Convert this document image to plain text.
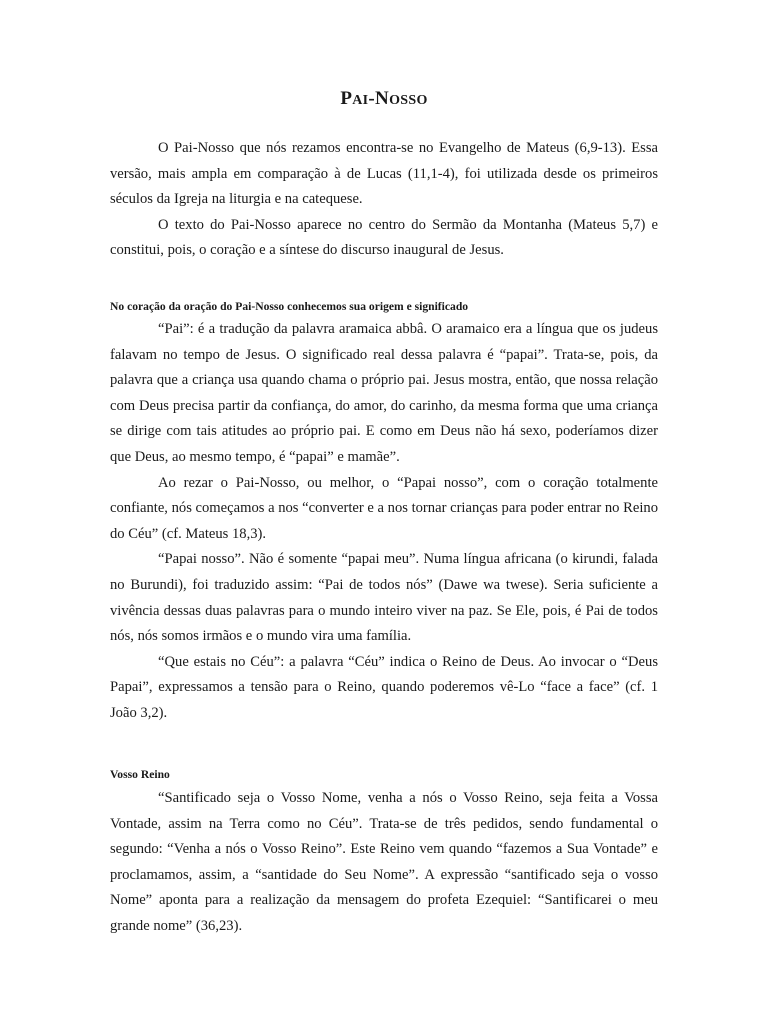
PAI-NOSSO

O Pai-Nosso que nós rezamos encontra-se no Evangelho de Mateus (6,9-13). Essa versão, mais ampla em comparação à de Lucas (11,1-4), foi utilizada desde os primeiros séculos da Igreja na liturgia e na catequese.

O texto do Pai-Nosso aparece no centro do Sermão da Montanha (Mateus 5,7) e constitui, pois, o coração e a síntese do discurso inaugural de Jesus.

No coração da oração do Pai-Nosso conhecemos sua origem e significado

“Pai”: é a tradução da palavra aramaica abbâ. O aramaico era a língua que os judeus falavam no tempo de Jesus. O significado real dessa palavra é “papai”. Trata-se, pois, da palavra que a criança usa quando chama o próprio pai. Jesus mostra, então, que nossa relação com Deus precisa partir da confiança, do amor, do carinho, da mesma forma que uma criança se dirige com tais atitudes ao próprio pai. E como em Deus não há sexo, poderíamos dizer que Deus, ao mesmo tempo, é “papai” e mamãe”.

Ao rezar o Pai-Nosso, ou melhor, o “Papai nosso”, com o coração totalmente confiante, nós começamos a nos “converter e a nos tornar crianças para poder entrar no Reino do Céu” (cf. Mateus 18,3).

“Papai nosso”. Não é somente “papai meu”. Numa língua africana (o kirundi, falada no Burundi), foi traduzido assim: “Pai de todos nós” (Dawe wa twese). Seria suficiente a vivência dessas duas palavras para o mundo inteiro viver na paz. Se Ele, pois, é Pai de todos nós, nós somos irmãos e o mundo vira uma família.

“Que estais no Céu”: a palavra “Céu” indica o Reino de Deus. Ao invocar o “Deus Papai”, expressamos a tensão para o Reino, quando poderemos vê-Lo “face a face” (cf. 1 João 3,2).

Vosso Reino

“Santificado seja o Vosso Nome, venha a nós o Vosso Reino, seja feita a Vossa Vontade, assim na Terra como no Céu”. Trata-se de três pedidos, sendo fundamental o segundo: “Venha a nós o Vosso Reino”. Este Reino vem quando “fazemos a Sua Vontade” e proclamamos, assim, a “santidade do Seu Nome”. A expressão “santificado seja o vosso Nome” aponta para a realização da mensagem do profeta Ezequiel: “Santificarei o meu grande nome” (36,23).
